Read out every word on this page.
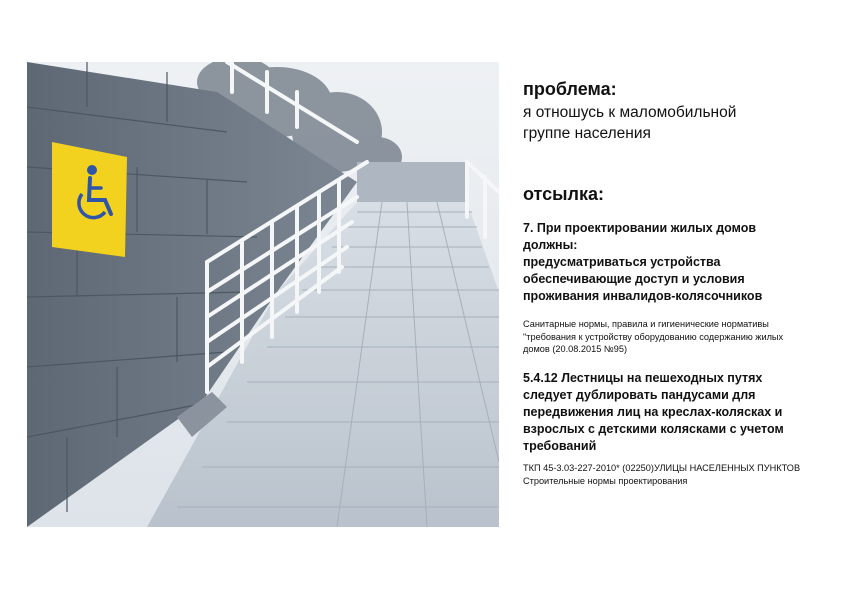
проблема:

я отношусь к маломобильной

группе населения

отсылка:

7. При проектировании жилых домов

должны:

предусматриваться устройства

обеспечивающие доступ и условия

проживания инвалидов-колясочников

Санитарные нормы, правила и гигиенические нормативы

"требования к устройству оборудованию содержанию жилых

домов (20.08.2015 №95)

5.4.12 Лестницы на пешеходных путях

следует дублировать пандусами для

передвижения лиц на креслах-колясках и

взрослых с детскими колясками с учетом

требований

ТКП 45-3.03-227-2010* (02250)УЛИЦЫ НАСЕЛЕННЫХ ПУНКТОВ

Строительные нормы проектирования
